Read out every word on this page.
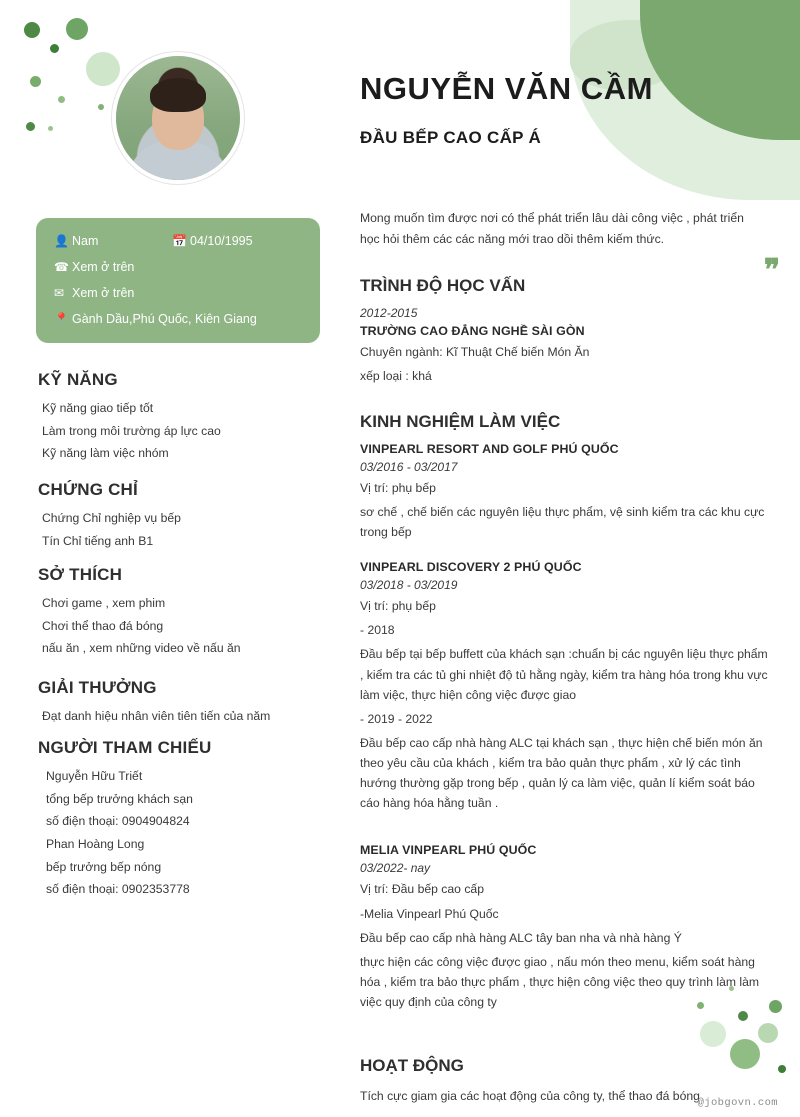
👤 Nam	📅 04/10/1995
☎ Xem ở trên
✉ Xem ở trên
📍 Gành Dầu,Phú Quốc, Kiên Giang
KỸ NĂNG

Kỹ năng giao tiếp tốt

Làm trong môi trường áp lực cao

Kỹ năng làm việc nhóm

CHỨNG CHỈ

Chứng Chỉ nghiệp vụ bếp

Tín Chỉ tiếng anh B1

SỞ THÍCH

Chơi game , xem phim

Chơi thể thao đá bóng

nấu ăn , xem những video về nấu ăn

GIẢI THƯỞNG

Đạt danh hiệu nhân viên tiên tiến của năm

NGƯỜI THAM CHIẾU

Nguyễn Hữu Triết

tổng bếp trưởng khách sạn

số điện thoại: 0904904824

Phan Hoàng Long

bếp trưởng bếp nóng

số điện thoại: 0902353778

NGUYỄN VĂN CẦM
ĐẦU BẾP CAO CẤP Á

Mong muốn tìm được nơi có thể phát triển lâu dài công việc , phát triển học hỏi thêm các các năng mới trao dồi thêm kiếm thức.

TRÌNH ĐỘ HỌC VẤN

2012-2015

TRƯỜNG CAO ĐẲNG NGHỀ SÀI GÒN

Chuyên ngành: Kĩ Thuật Chế biến Món Ăn

xếp loại : khá

KINH NGHIỆM LÀM VIỆC

VINPEARL RESORT AND GOLF PHÚ QUỐC

03/2016 - 03/2017

Vị trí: phụ bếp

sơ chế , chế biến các nguyên liệu thực phẩm, vệ sinh kiểm tra các khu cực trong bếp

VINPEARL DISCOVERY 2 PHÚ QUỐC

03/2018 - 03/2019

Vị trí: phụ bếp

- 2018

Đầu bếp tại bếp buffett của khách sạn :chuẩn bị các nguyên liệu thực phẩm , kiểm tra các tủ ghi nhiệt độ tủ hằng ngày, kiểm tra hàng hóa trong khu vực làm việc, thực hiện công việc được giao

- 2019 - 2022

Đầu bếp cao cấp nhà hàng ALC tại khách sạn , thực hiện chế biến món ăn theo yêu cầu của khách , kiểm tra bảo quản thực phẩm , xử lý các tình hướng thường gặp trong bếp , quản lý ca làm việc, quản lí kiểm soát báo cáo hàng hóa hằng tuần .

MELIA VINPEARL PHÚ QUỐC

03/2022- nay

Vị trí: Đầu bếp cao cấp

-Melia Vinpearl Phú Quốc

Đầu bếp cao cấp nhà hàng ALC tây ban nha và nhà hàng Ý

thực hiện các công việc được giao , nấu món theo menu, kiểm soát hàng hóa , kiểm tra bảo thực phẩm , thực hiện công việc theo quy trình làm làm việc quy định của công ty

HOẠT ĐỘNG

Tích cực giam gia các hoạt động của công ty, thể thao đá bóng

❞
@jobgovn.com
